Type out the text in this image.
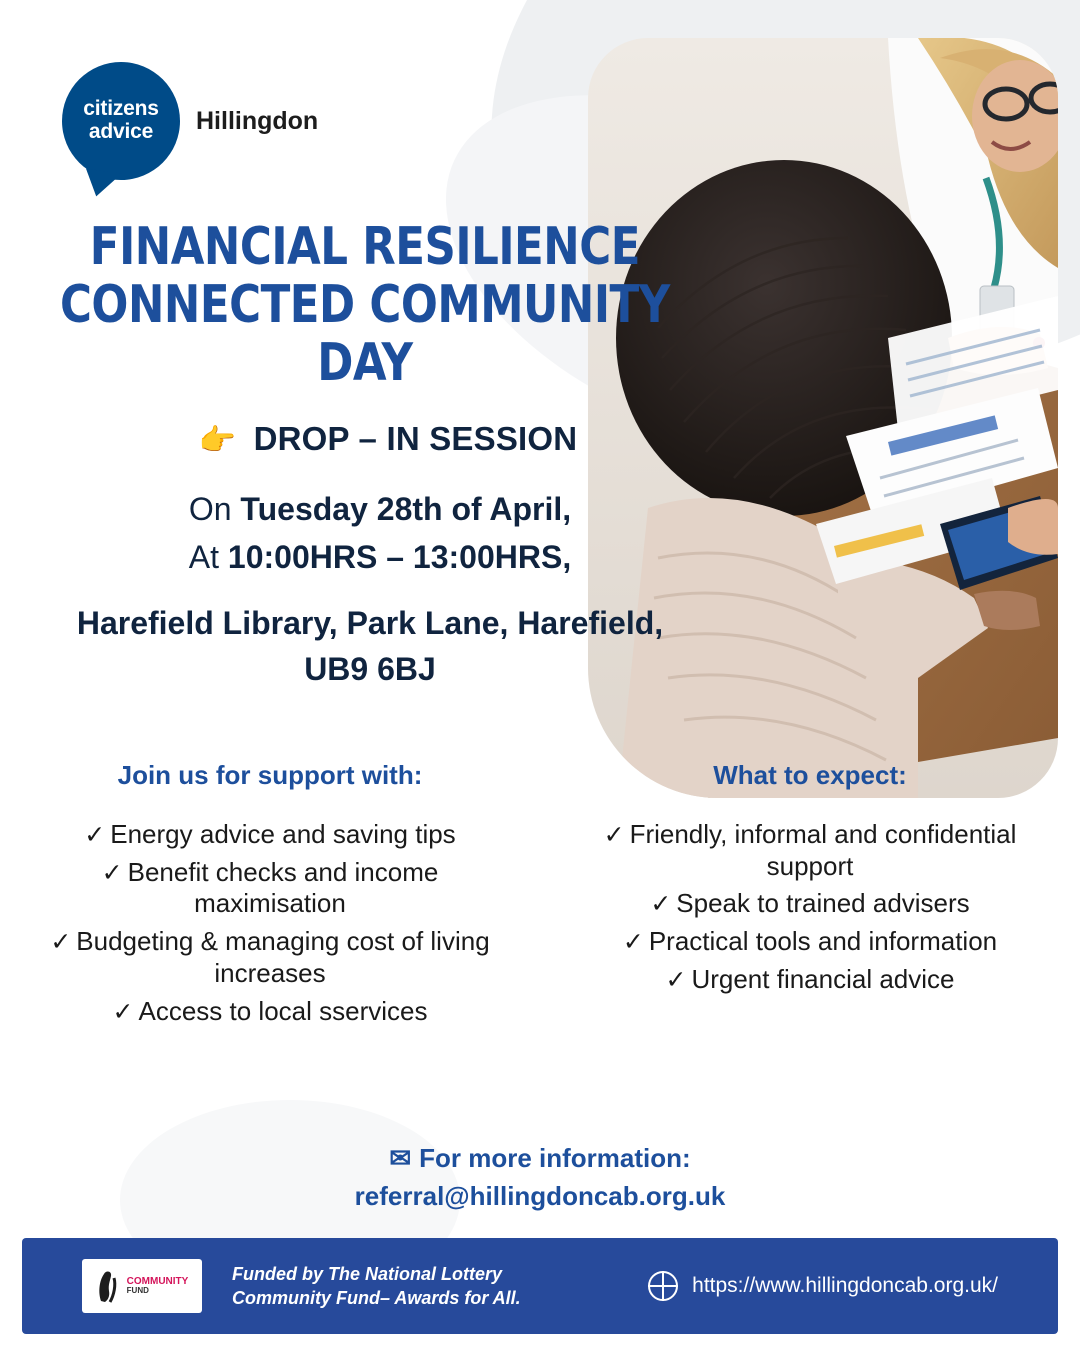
citizens
advice Hillingdon
FINANCIAL RESILIENCE
CONNECTED COMMUNITY DAY
👉 DROP – IN SESSION
On Tuesday 28th of April,
At 10:00HRS – 13:00HRS,
Harefield Library, Park Lane, Harefield,
UB9 6BJ
Join us for support with:
✓ Energy advice and saving tips
✓ Benefit checks and income maximisation
✓ Budgeting & managing cost of living increases
✓ Access to local sservices
What to expect:
✓ Friendly, informal and confidential support
✓ Speak to trained advisers
✓ Practical tools and information
✓ Urgent financial advice
✉ For more information:
referral@hillingdoncab.org.uk
COMMUNITY
FUND
Funded by The National Lottery
Community Fund– Awards for All.
https://www.hillingdoncab.org.uk/
